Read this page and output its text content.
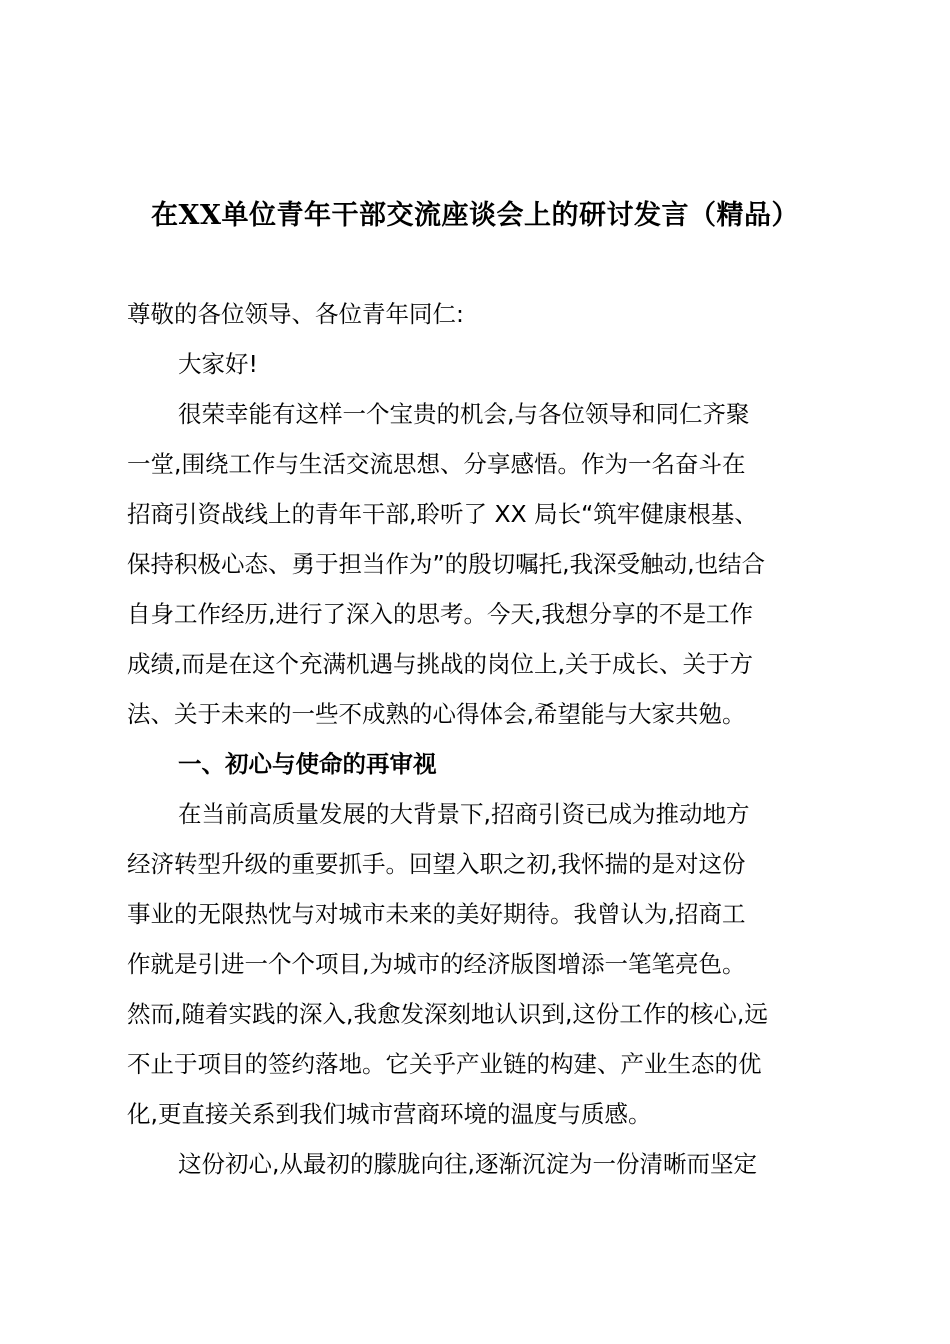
在XX单位青年干部交流座谈会上的研讨发言（精品）
尊敬的各位领导、各位青年同仁:
大家好!
很荣幸能有这样一个宝贵的机会,与各位领导和同仁齐聚
一堂,围绕工作与生活交流思想、分享感悟。作为一名奋斗在
招商引资战线上的青年干部,聆听了 XX 局长“筑牢健康根基、
保持积极心态、勇于担当作为”的殷切嘱托,我深受触动,也结合
自身工作经历,进行了深入的思考。今天,我想分享的不是工作
成绩,而是在这个充满机遇与挑战的岗位上,关于成长、关于方
法、关于未来的一些不成熟的心得体会,希望能与大家共勉。
一、初心与使命的再审视
在当前高质量发展的大背景下,招商引资已成为推动地方
经济转型升级的重要抓手。回望入职之初,我怀揣的是对这份
事业的无限热忱与对城市未来的美好期待。我曾认为,招商工
作就是引进一个个项目,为城市的经济版图增添一笔笔亮色。
然而,随着实践的深入,我愈发深刻地认识到,这份工作的核心,远
不止于项目的签约落地。它关乎产业链的构建、产业生态的优
化,更直接关系到我们城市营商环境的温度与质感。
这份初心,从最初的朦胧向往,逐渐沉淀为一份清晰而坚定
